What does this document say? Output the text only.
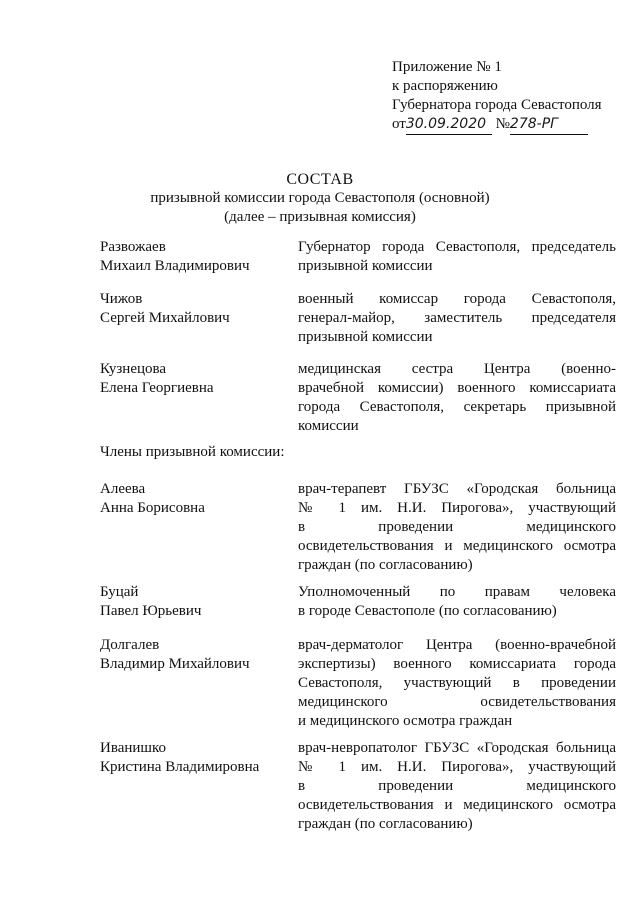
Приложение № 1
к распоряжению
Губернатора города Севастополя
от30.09.2020 №278-РГ
СОСТАВ
призывной комиссии города Севастополя (основной)
(далее – призывная комиссия)
Развожаев
Михаил Владимирович
Губернатор города Севастополя, председатель
призывной комиссии
Чижов
Сергей Михайлович
военный комиссар города Севастополя,
генерал-майор, заместитель председателя
призывной комиссии
Кузнецова
Елена Георгиевна
медицинская сестра Центра (военно-
врачебной комиссии) военного комиссариата
города Севастополя, секретарь призывной
комиссии
Члены призывной комиссии:
Алеева
Анна Борисовна
врач-терапевт ГБУЗС «Городская больница
№ 1 им. Н.И. Пирогова», участвующий
в проведении медицинского
освидетельствования и медицинского осмотра
граждан (по согласованию)
Буцай
Павел Юрьевич
Уполномоченный по правам человека
в городе Севастополе (по согласованию)
Долгалев
Владимир Михайлович
врач-дерматолог Центра (военно-врачебной
экспертизы) военного комиссариата города
Севастополя, участвующий в проведении
медицинского освидетельствования
и медицинского осмотра граждан
Иванишко
Кристина Владимировна
врач-невропатолог ГБУЗС «Городская больница
№ 1 им. Н.И. Пирогова», участвующий
в проведении медицинского
освидетельствования и медицинского осмотра
граждан (по согласованию)
